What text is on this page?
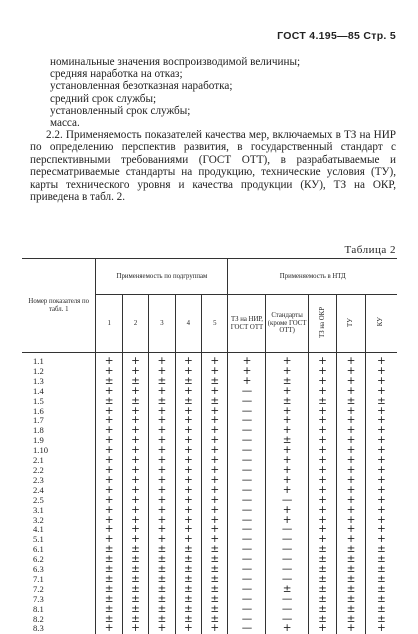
ГОСТ 4.195—85 Стр. 5
номинальные значения воспроизводимой величины;
средняя наработка на отказ;
установленная безотказная наработка;
средний срок службы;
установленный срок службы;
масса.
2.2. Применяемость показателей качества мер, включаемых в ТЗ на НИР по определению перспектив развития, в государственный стандарт с перспективными требованиями (ГОСТ ОТТ), в разрабатываемые и пересматриваемые стандарты на продукцию, технические условия (ТУ), карты технического уровня и качества продукции (КУ), ТЗ на ОКР, приведена в табл. 2.
Таблица 2
Номер показателя по табл. 1	Применяемость по подгруппам					Применяемость в НТД				
	1	2	3	4	5	ТЗ на НИР, ГОСТ ОТТ	Стандарты (кроме ГОСТ ОТТ)	ТЗ на ОКР	ТУ	КУ

1.1	+	+	+	+	+	+	+	+	+	+
1.2	+	+	+	+	+	+	+	+	+	+
1.3	±	±	±	±	±	+	±	+	+	+
1.4	+	+	+	+	+	—	+	+	+	+
1.5	±	±	±	±	±	—	±	±	±	±
1.6	+	+	+	+	+	—	+	+	+	+
1.7	+	+	+	+	+	—	+	+	+	+
1.8	+	+	+	+	+	—	+	+	+	+
1.9	+	+	+	+	+	—	±	+	+	+
1.10	+	+	+	+	+	—	+	+	+	+
2.1	+	+	+	+	+	—	+	+	+	+
2.2	+	+	+	+	+	—	+	+	+	+
2.3	+	+	+	+	+	—	+	+	+	+
2.4	+	+	+	+	+	—	+	+	+	+
2.5	+	+	+	+	+	—	—	+	+	+
3.1	+	+	+	+	+	—	+	+	+	+
3.2	+	+	+	+	+	—	+	+	+	+
4.1	+	+	+	+	+	—	—	+	+	+
5.1	+	+	+	+	+	—	—	+	+	+
6.1	±	±	±	±	±	—	—	±	±	±
6.2	±	±	±	±	±	—	—	±	±	±
6.3	±	±	±	±	±	—	—	±	±	±
7.1	±	±	±	±	±	—	—	±	±	±
7.2	±	±	±	±	±	—	±	±	±	±
7.3	±	±	±	±	±	—	—	±	±	±
8.1	±	±	±	±	±	—	—	±	±	±
8.2	±	±	±	±	±	—	—	±	±	±
8.3	+	+	+	+	+	—	+	+	+	+
